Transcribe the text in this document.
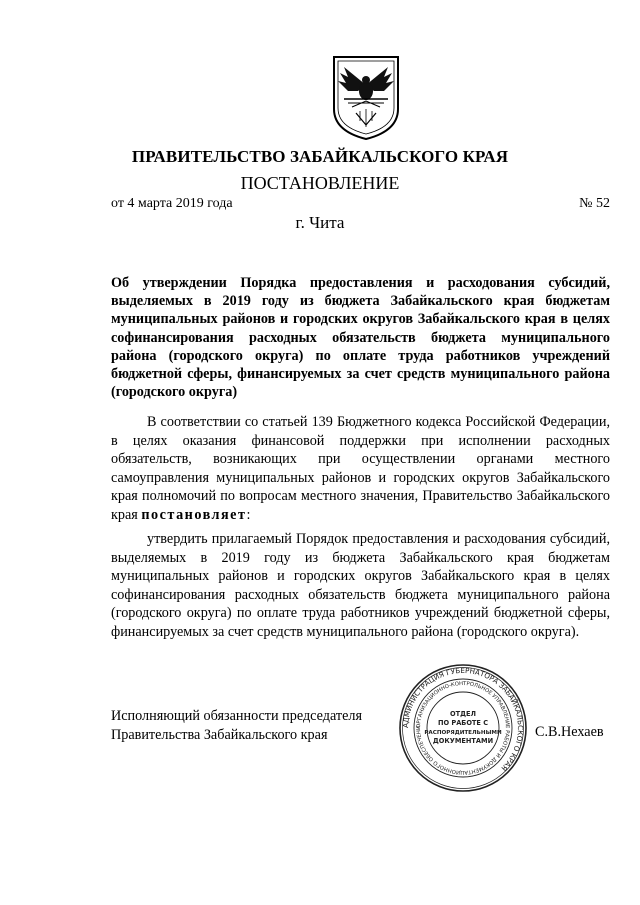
ПРАВИТЕЛЬСТВО ЗАБАЙКАЛЬСКОГО КРАЯ
ПОСТАНОВЛЕНИЕ
от 4 марта 2019 года	№ 52
г. Чита
Об утверждении Порядка предоставления и расходования субсидий, выделяемых в 2019 году из бюджета Забайкальского края бюджетам муниципальных районов и городских округов Забайкальского края в целях софинансирования расходных обязательств бюджета муниципального района (городского округа) по оплате труда работников учреждений бюджетной сферы, финансируемых за счет средств муниципального района (городского округа)
В соответствии со статьей 139 Бюджетного кодекса Российской Федерации, в целях оказания финансовой поддержки при исполнении расходных обязательств, возникающих при осуществлении органами местного самоуправления муниципальных районов и городских округов Забайкальского края полномочий по вопросам местного значения, Правительство Забайкальского края постановляет:
утвердить прилагаемый Порядок предоставления и расходования субсидий, выделяемых в 2019 году из бюджета Забайкальского края бюджетам муниципальных районов и городских округов Забайкальского края в целях софинансирования расходных обязательств бюджета муниципального района (городского округа) по оплате труда работников учреждений бюджетной сферы, финансируемых за счет средств муниципального района (городского округа).
Исполняющий обязанности председателя
Правительства Забайкальского края	С.В.Нехаев
АДМИНИСТРАЦИЯ ГУБЕРНАТОРА ЗАБАЙКАЛЬСКОГО КРАЯ
ОРГАНИЗАЦИОННО-КОНТРОЛЬНОЕ УПРАВЛЕНИЕ РАБОТЫ И ДОКУМЕНТАЦИОННОГО ОБЕСПЕЧЕНИ
ОТДЕЛ
ПО РАБОТЕ С
РАСПОРЯДИТЕЛЬНЫМИ
ДОКУМЕНТАМИ
